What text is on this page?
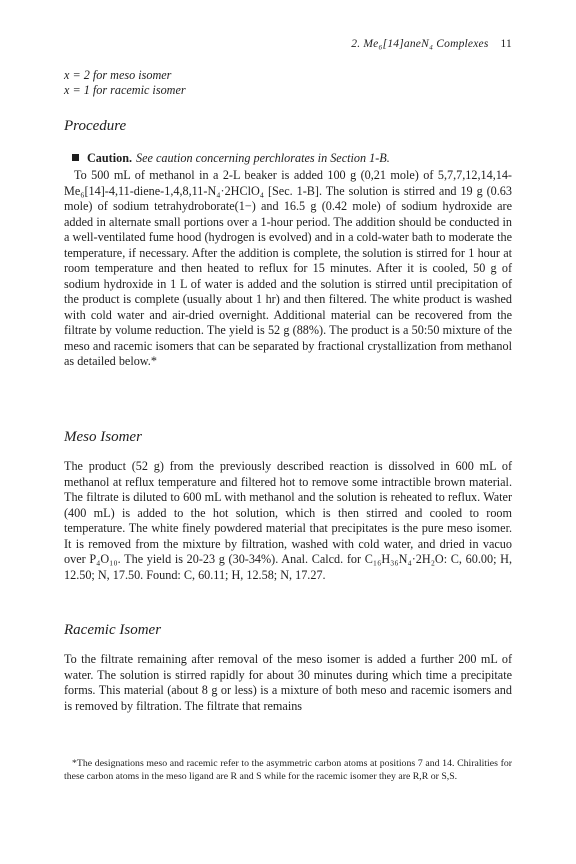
2. Me₆[14]aneN₄ Complexes 11
x = 2 for meso isomer
x = 1 for racemic isomer
Procedure
Caution. See caution concerning perchlorates in Section 1-B.

To 500 mL of methanol in a 2-L beaker is added 100 g (0,21 mole) of 5,7,7,12,14,14-Me₆[14]-4,11-diene-1,4,8,11-N₄·2HClO₄ [Sec. 1-B]. The solution is stirred and 19 g (0.63 mole) of sodium tetrahydroborate(1−) and 16.5 g (0.42 mole) of sodium hydroxide are added in alternate small portions over a 1-hour period. The addition should be conducted in a well-ventilated fume hood (hydrogen is evolved) and in a cold-water bath to moderate the temperature, if necessary. After the addition is complete, the solution is stirred for 1 hour at room temperature and then heated to reflux for 15 minutes. After it is cooled, 50 g of sodium hydroxide in 1 L of water is added and the solution is stirred until precipitation of the product is complete (usually about 1 hr) and then filtered. The white product is washed with cold water and air-dried overnight. Additional material can be recovered from the filtrate by volume reduction. The yield is 52 g (88%). The product is a 50:50 mixture of the meso and racemic isomers that can be separated by fractional crystallization from methanol as detailed below.*

Meso Isomer

The product (52 g) from the previously described reaction is dissolved in 600 mL of methanol at reflux temperature and filtered hot to remove some intractible brown material. The filtrate is diluted to 600 mL with methanol and the solution is reheated to reflux. Water (400 mL) is added to the hot solution, which is then stirred and cooled to room temperature. The white finely powdered material that precipitates is the pure meso isomer. It is removed from the mixture by filtration, washed with cold water, and dried in vacuo over P₄O₁₀. The yield is 20-23 g (30-34%). Anal. Calcd. for C₁₆H₃₆N₄·2H₂O: C, 60.00; H, 12.50; N, 17.50. Found: C, 60.11; H, 12.58; N, 17.27.

Racemic Isomer

To the filtrate remaining after removal of the meso isomer is added a further 200 mL of water. The solution is stirred rapidly for about 30 minutes during which time a precipitate forms. This material (about 8 g or less) is a mixture of both meso and racemic isomers and is removed by filtration. The filtrate that remains

*The designations meso and racemic refer to the asymmetric carbon atoms at positions 7 and 14. Chiralities for these carbon atoms in the meso ligand are R and S while for the racemic isomer they are R,R or S,S.
